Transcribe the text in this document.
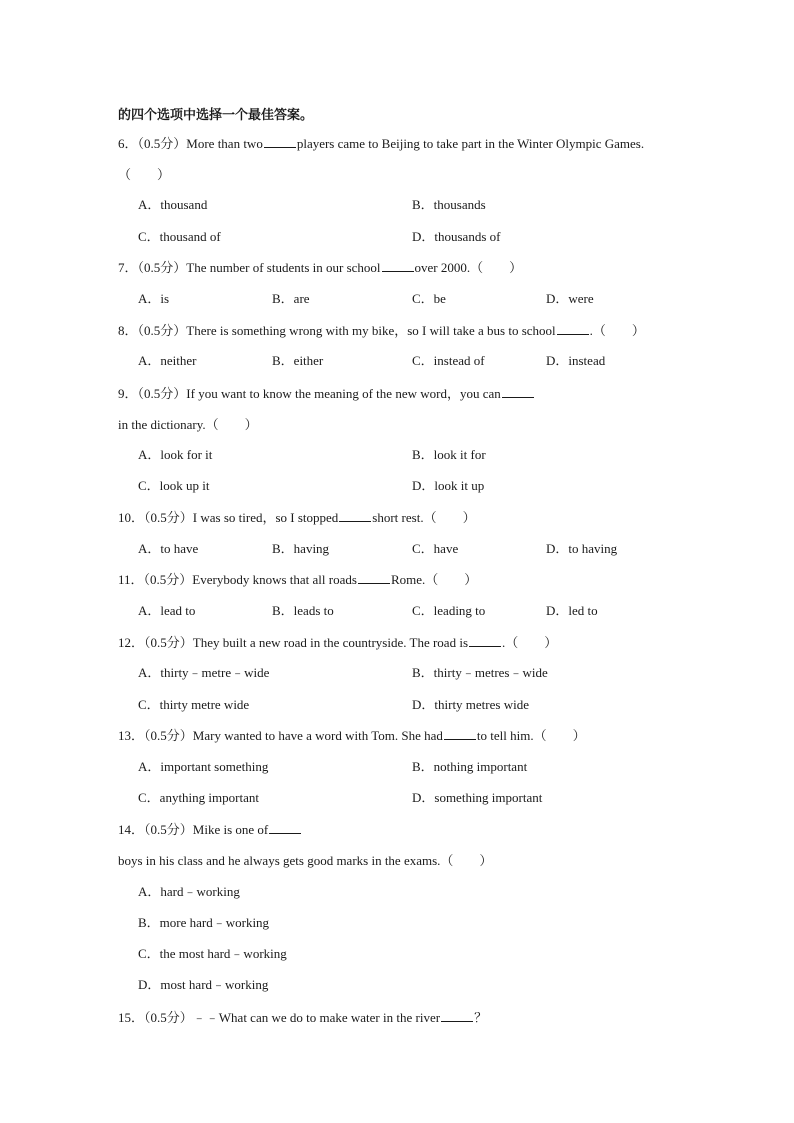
的四个选项中选择一个最佳答案。
6．（0.5分）More than two	players came to Beijing to take part in the Winter Olympic Games.（　　）
A．thousand	B．thousands
C．thousand of	D．thousands of
7．（0.5分）The number of students in our school	over 2000.（　　）
A．is	B．are	C．be	D．were
8．（0.5分）There is something wrong with my bike，so I will take a bus to school	.（　　）
A．neither	B．either	C．instead of	D．instead
9．（0.5分）If you want to know the meaning of the new word，you canin the dictionary.（　　）
A．look for it	B．look it for
C．look up it	D．look it up
10．（0.5分）I was so tired，so I stopped	short rest.（　　）
A．to have	B．having	C．have	D．to having
11．（0.5分）Everybody knows that all roads	Rome.（　　）
A．lead to	B．leads to	C．leading to	D．led to
12．（0.5分）They built a new road in the countryside. The road is	.（　　）
A．thirty﹣metre﹣wide	B．thirty﹣metres﹣wide
C．thirty metre wide	D．thirty metres wide
13．（0.5分）Mary wanted to have a word with Tom. She had	to tell him.（　　）
A．important something	B．nothing important
C．anything important	D．something important
14．（0.5分）Mike is one ofboys in his class and he always gets good marks in the exams.（　　）
A．hard﹣working
B．more hard﹣working
C．the most hard﹣working
D．most hard﹣working
15．（0.5分）﹣﹣What can we do to make water in the river	？
